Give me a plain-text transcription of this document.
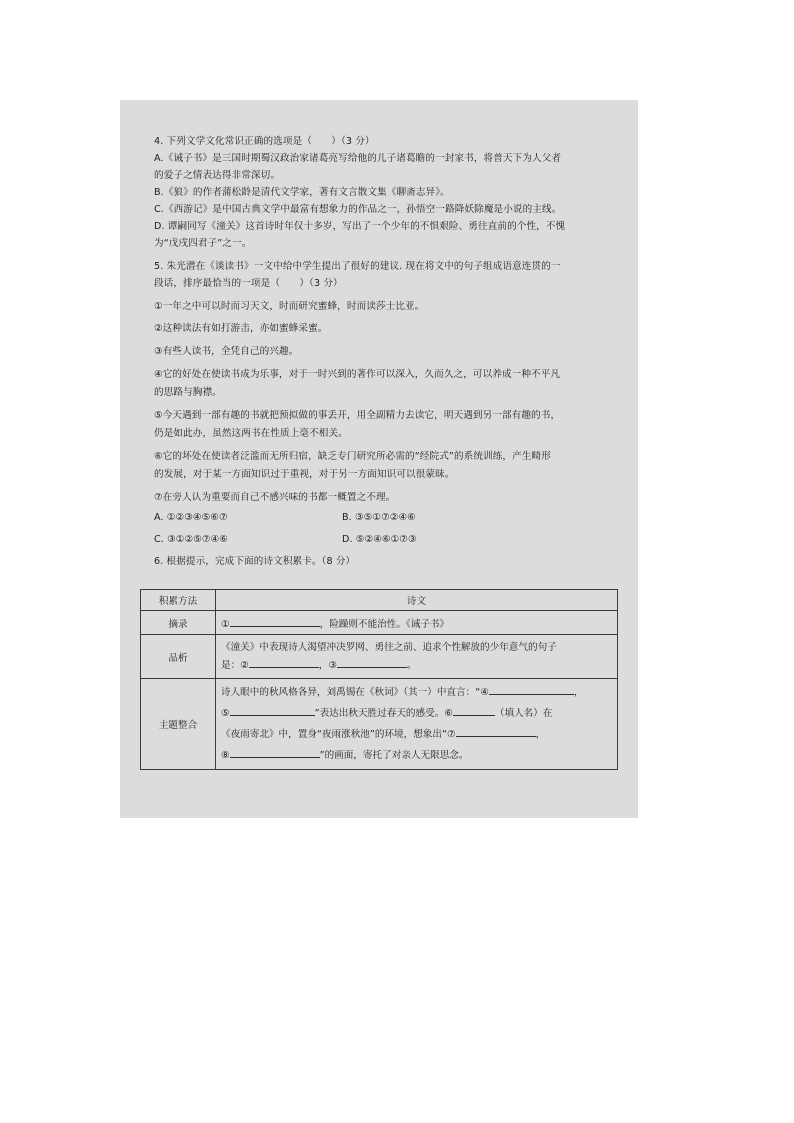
4. 下列文学文化常识正确的选项是（　　）（3 分）
A.《诫子书》是三国时期蜀汉政治家诸葛亮写给他的儿子诸葛瞻的一封家书，将普天下为人父者
的爱子之情表达得非常深切。
B.《狼》的作者蒲松龄是清代文学家，著有文言散文集《聊斋志异》。
C.《西游记》是中国古典文学中最富有想象力的作品之一，孙悟空一路降妖除魔是小说的主线。
D. 谭嗣同写《潼关》这首诗时年仅十多岁，写出了一个少年的不惧艰险、勇往直前的个性，不愧
为“戊戌四君子”之一。
5. 朱光潜在《谈读书》一文中给中学生提出了很好的建议. 现在将文中的句子组成语意连贯的一
段话，排序最恰当的一项是（　　）（3 分）
①一年之中可以时而习天文，时而研究蜜蜂，时而读莎士比亚。
②这种读法有如打游击，亦如蜜蜂采蜜。
③有些人读书，全凭自己的兴趣。
④它的好处在使读书成为乐事，对于一时兴到的著作可以深入，久而久之，可以养成一种不平凡
的思路与胸襟。
⑤今天遇到一部有趣的书就把预拟做的事丢开，用全副精力去读它，明天遇到另一部有趣的书，
仍是如此办，虽然这两书在性质上毫不相关。
⑥它的坏处在使读者泛滥而无所归宿，缺乏专门研究所必需的“经院式”的系统训练，产生畸形
的发展，对于某一方面知识过于重视，对于另一方面知识可以很蒙昧。
⑦在旁人认为重要而自己不感兴味的书都一概置之不理。
A. ①②③④⑤⑥⑦	B. ③⑤①⑦②④⑥
C. ③①②⑤⑦④⑥	D. ⑤②④⑥①⑦③
6. 根据提示，完成下面的诗文积累卡。（8 分）
积累方法	诗文
摘录	① ，险躁则不能治性。《诫子书》
品析	《潼关》中表现诗人渴望冲决罗网、勇往之前、追求个性解放的少年意气的句子
是：② ，③ 。

主题整合	诗人眼中的秋风格各异，刘禹锡在《秋词》（其一）中直言：“④ ，
⑤ ”表达出秋天胜过春天的感受。⑥ （填人名）在
《夜雨寄北》中，置身“夜雨涨秋池”的环境，想象出“⑦ ，
⑧ ”的画面，寄托了对亲人无限思念。
